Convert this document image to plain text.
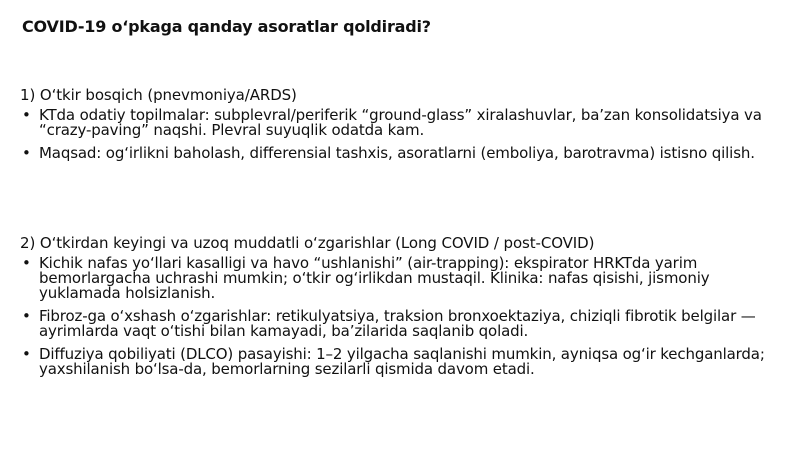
COVID-19 o‘pkaga qanday asoratlar qoldiradi?
1) O‘tkir bosqich (pnevmoniya/ARDS)
• KTda odatiy topilmalar: subplevral/periferik “ground-glass” xiralashuvlar, ba’zan konsolidatsiya va “crazy-paving” naqshi. Plevral suyuqlik odatda kam.
• Maqsad: og‘irlikni baholash, differensial tashxis, asoratlarni (emboliya, barotravma) istisno qilish.
2) O‘tkirdan keyingi va uzoq muddatli o‘zgarishlar (Long COVID / post-COVID)
• Kichik nafas yo‘llari kasalligi va havo “ushlanishi” (air-trapping): ekspirator HRKTda yarim bemorlargacha uchrashi mumkin; o‘tkir og‘irlikdan mustaqil. Klinika: nafas qisishi, jismoniy yuklamada holsizlanish.
• Fibroz-ga o‘xshash o‘zgarishlar: retikulyatsiya, traksion bronxoektaziya, chiziqli fibrotik belgilar — ayrimlarda vaqt o‘tishi bilan kamayadi, ba’zilarida saqlanib qoladi.
• Diffuziya qobiliyati (DLCO) pasayishi: 1–2 yilgacha saqlanishi mumkin, ayniqsa og‘ir kechganlarda; yaxshilanish bo‘lsa-da, bemorlarning sezilarli qismida davom etadi.
